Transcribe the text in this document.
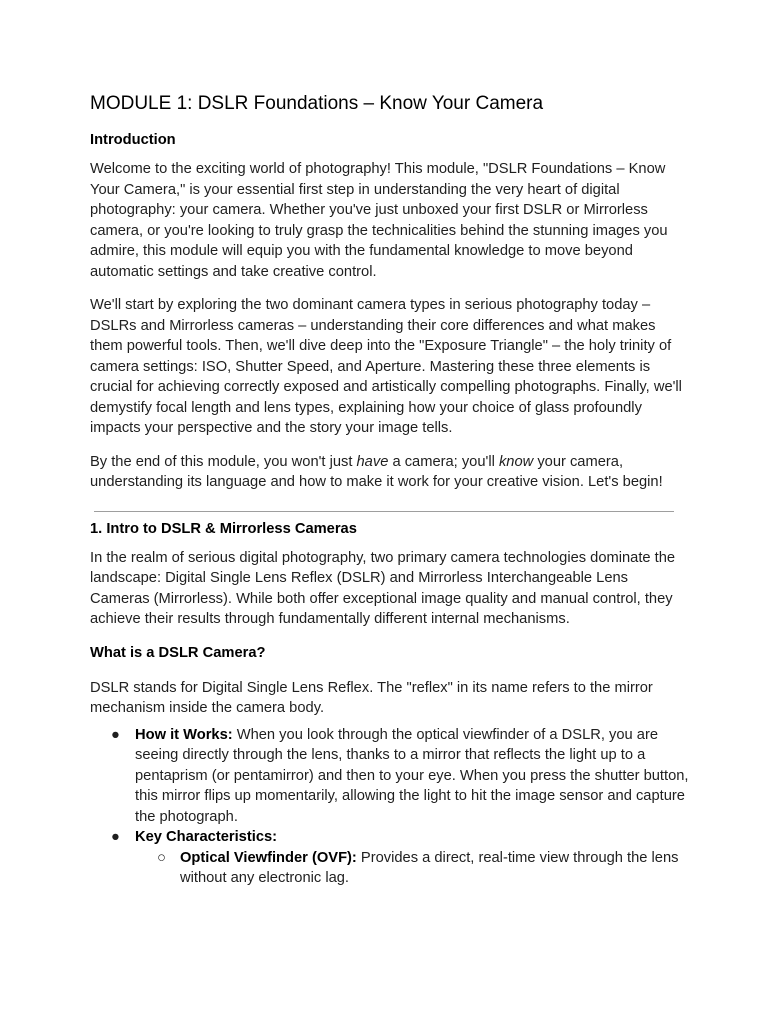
MODULE 1: DSLR Foundations – Know Your Camera
Introduction

Welcome to the exciting world of photography! This module, "DSLR Foundations – Know Your Camera," is your essential first step in understanding the very heart of digital photography: your camera. Whether you've just unboxed your first DSLR or Mirrorless camera, or you're looking to truly grasp the technicalities behind the stunning images you admire, this module will equip you with the fundamental knowledge to move beyond automatic settings and take creative control.

We'll start by exploring the two dominant camera types in serious photography today – DSLRs and Mirrorless cameras – understanding their core differences and what makes them powerful tools. Then, we'll dive deep into the "Exposure Triangle" – the holy trinity of camera settings: ISO, Shutter Speed, and Aperture. Mastering these three elements is crucial for achieving correctly exposed and artistically compelling photographs. Finally, we'll demystify focal length and lens types, explaining how your choice of glass profoundly impacts your perspective and the story your image tells.

By the end of this module, you won't just have a camera; you'll know your camera, understanding its language and how to make it work for your creative vision. Let's begin!

1. Intro to DSLR & Mirrorless Cameras

In the realm of serious digital photography, two primary camera technologies dominate the landscape: Digital Single Lens Reflex (DSLR) and Mirrorless Interchangeable Lens Cameras (Mirrorless). While both offer exceptional image quality and manual control, they achieve their results through fundamentally different internal mechanisms.

What is a DSLR Camera?

DSLR stands for Digital Single Lens Reflex. The "reflex" in its name refers to the mirror mechanism inside the camera body.

● How it Works: When you look through the optical viewfinder of a DSLR, you are seeing directly through the lens, thanks to a mirror that reflects the light up to a pentaprism (or pentamirror) and then to your eye. When you press the shutter button, this mirror flips up momentarily, allowing the light to hit the image sensor and capture the photograph.
● Key Characteristics:
○ Optical Viewfinder (OVF): Provides a direct, real-time view through the lens without any electronic lag.
